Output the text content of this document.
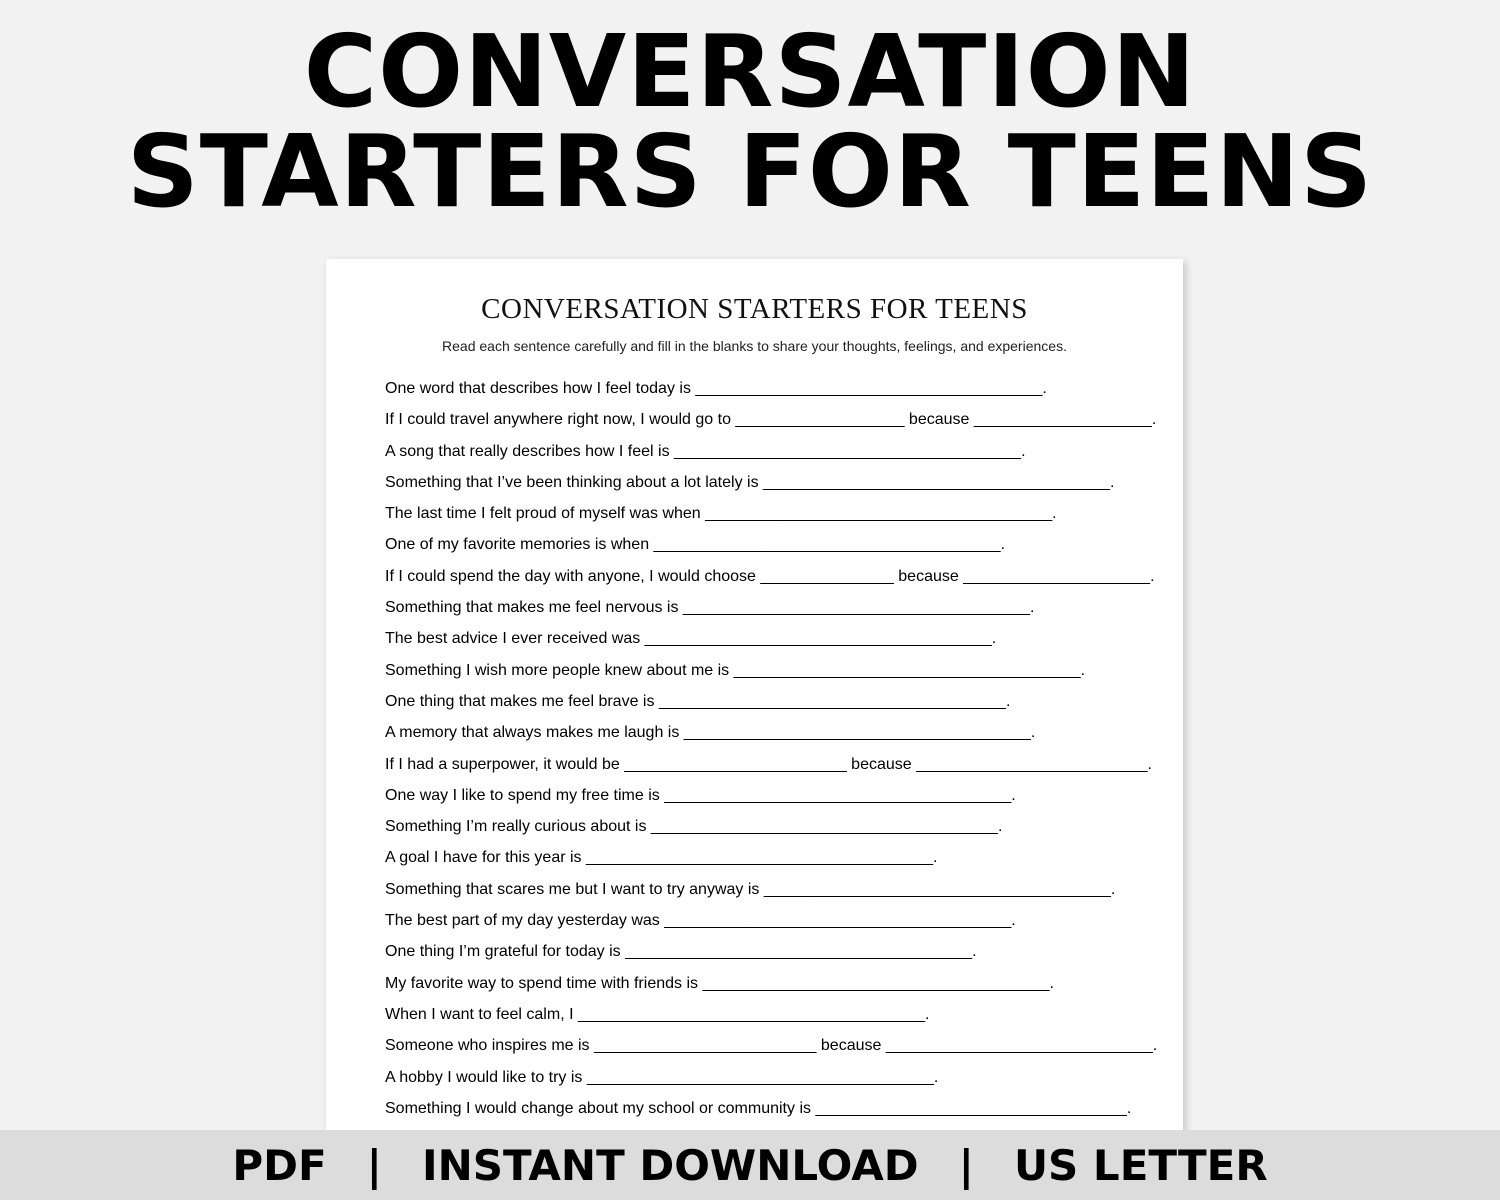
CONVERSATION
STARTERS FOR TEENS
CONVERSATION STARTERS FOR TEENS
Read each sentence carefully and fill in the blanks to share your thoughts, feelings, and experiences.
One word that describes how I feel today is _______________________________________.
If I could travel anywhere right now, I would go to ___________________ because ____________________.
A song that really describes how I feel is _______________________________________.
Something that I’ve been thinking about a lot lately is _______________________________________.
The last time I felt proud of myself was when _______________________________________.
One of my favorite memories is when _______________________________________.
If I could spend the day with anyone, I would choose _______________ because _____________________.
Something that makes me feel nervous is _______________________________________.
The best advice I ever received was _______________________________________.
Something I wish more people knew about me is _______________________________________.
One thing that makes me feel brave is _______________________________________.
A memory that always makes me laugh is _______________________________________.
If I had a superpower, it would be _________________________ because __________________________.
One way I like to spend my free time is _______________________________________.
Something I’m really curious about is _______________________________________.
A goal I have for this year is _______________________________________.
Something that scares me but I want to try anyway is _______________________________________.
The best part of my day yesterday was _______________________________________.
One thing I’m grateful for today is _______________________________________.
My favorite way to spend time with friends is _______________________________________.
When I want to feel calm, I _______________________________________.
Someone who inspires me is _________________________ because ______________________________.
A hobby I would like to try is _______________________________________.
Something I would change about my school or community is ___________________________________.
PDF | INSTANT DOWNLOAD | US LETTER
